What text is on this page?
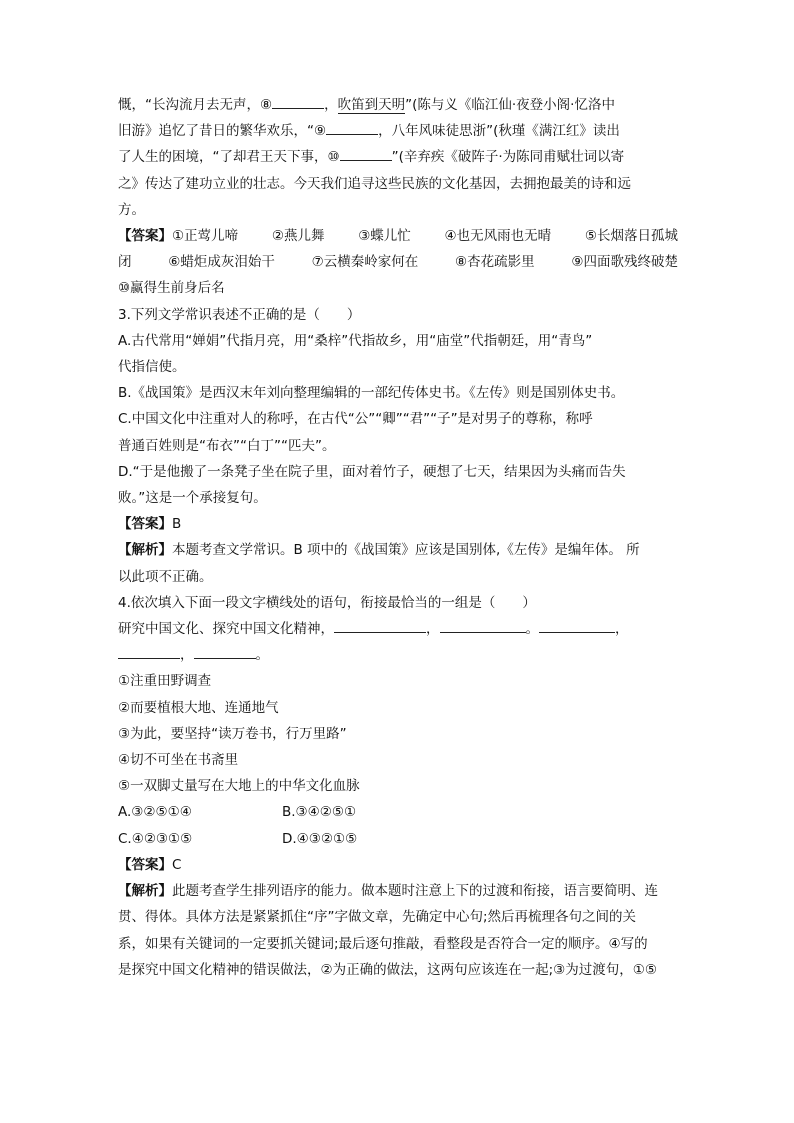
慨，“长沟流月去无声，⑧	，吹笛到天明”(陈与义《临江仙·夜登小阁·忆洛中
旧游》追忆了昔日的繁华欢乐，“⑨	，八年风味徒思浙”(秋瑾《满江红》读出
了人生的困境，“了却君王天下事，⑩	”(辛弃疾《破阵子·为陈同甫赋壮词以寄
之》传达了建功立业的壮志。今天我们追寻这些民族的文化基因，去拥抱最美的诗和远
方。
【答案】①正莺儿啼 ②燕儿舞 ③蝶儿忙 ④也无风雨也无晴 ⑤长烟落日孤城
闭	⑥蜡炬成灰泪始干	⑦云横秦岭家何在	⑧杏花疏影里	⑨四面歌残终破楚
⑩赢得生前身后名
3.下列文学常识表述不正确的是（　　）
A.古代常用“婵娟”代指月亮，用“桑梓”代指故乡，用“庙堂”代指朝廷，用“青鸟”
代指信使。
B.《战国策》是西汉末年刘向整理编辑的一部纪传体史书。《左传》则是国别体史书。
C.中国文化中注重对人的称呼，在古代“公”“卿”“君”“子”是对男子的尊称，称呼
普通百姓则是“布衣”“白丁”“匹夫”。
D.“于是他搬了一条凳子坐在院子里，面对着竹子，硬想了七天，结果因为头痛而告失
败。”这是一个承接复句。
【答案】B
【解析】本题考查文学常识。B 项中的《战国策》应该是国别体,《左传》是编年体。 所
以此项不正确。
4.依次填入下面一段文字横线处的语句，衔接最恰当的一组是（　　）
研究中国文化、探究中国文化精神，	，	。	，
，	。
①注重田野调查
②而要植根大地、连通地气
③为此，要坚持“读万卷书，行万里路”
④切不可坐在书斋里
⑤一双脚丈量写在大地上的中华文化血脉
A.③②⑤①④	B.③④②⑤①
C.④②③①⑤	D.④③②①⑤
【答案】C
【解析】此题考查学生排列语序的能力。做本题时注意上下的过渡和衔接，语言要简明、连
贯、得体。具体方法是紧紧抓住“序”字做文章，先确定中心句;然后再梳理各句之间的关
系，如果有关键词的一定要抓关键词;最后逐句推敲，看整段是否符合一定的顺序。④写的
是探究中国文化精神的错误做法，②为正确的做法，这两句应该连在一起;③为过渡句，①⑤
